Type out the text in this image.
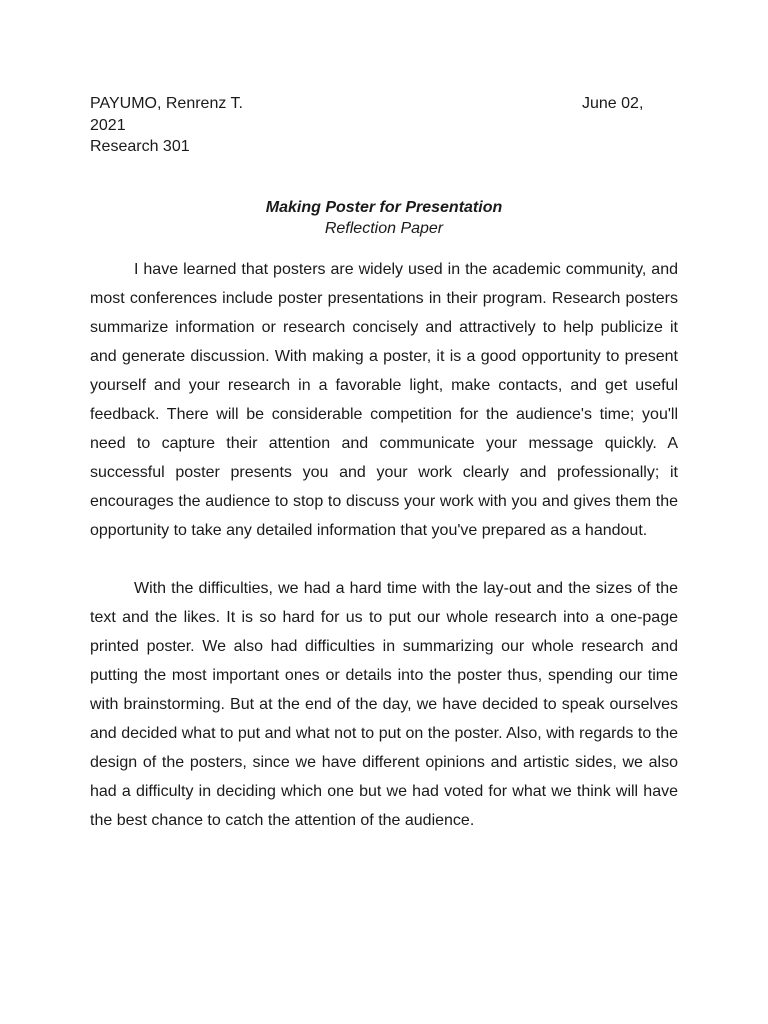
PAYUMO, Renrenz T.	June 02,
2021
Research 301
Making Poster for Presentation
Reflection Paper

I have learned that posters are widely used in the academic community, and most conferences include poster presentations in their program. Research posters summarize information or research concisely and attractively to help publicize it and generate discussion. With making a poster, it is a good opportunity to present yourself and your research in a favorable light, make contacts, and get useful feedback. There will be considerable competition for the audience's time; you'll need to capture their attention and communicate your message quickly. A successful poster presents you and your work clearly and professionally; it encourages the audience to stop to discuss your work with you and gives them the opportunity to take any detailed information that you've prepared as a handout.

With the difficulties, we had a hard time with the lay-out and the sizes of the text and the likes. It is so hard for us to put our whole research into a one-page printed poster. We also had difficulties in summarizing our whole research and putting the most important ones or details into the poster thus, spending our time with brainstorming. But at the end of the day, we have decided to speak ourselves and decided what to put and what not to put on the poster. Also, with regards to the design of the posters, since we have different opinions and artistic sides, we also had a difficulty in deciding which one but we had voted for what we think will have the best chance to catch the attention of the audience.
